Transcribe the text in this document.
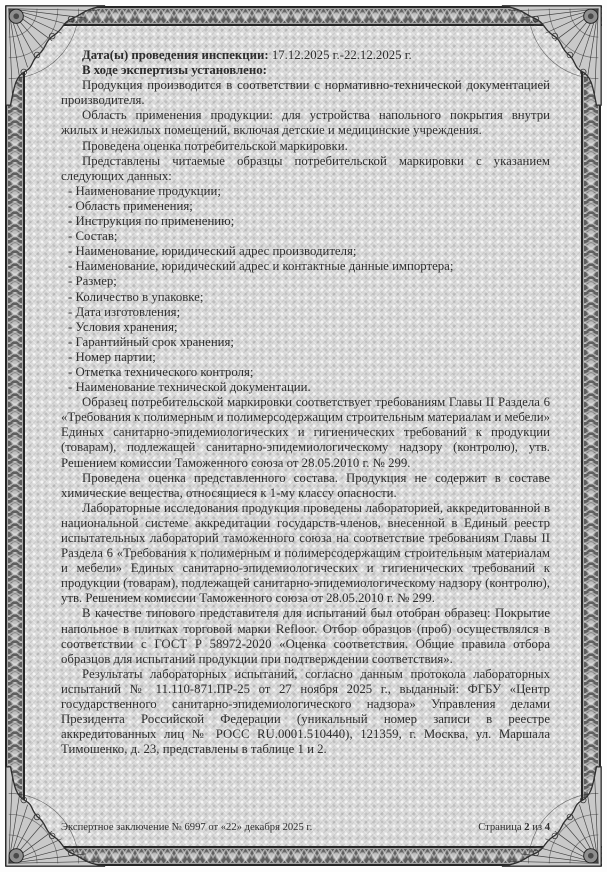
Дата(ы) проведения инспекции: 17.12.2025 г.-22.12.2025 г.

В ходе экспертизы установлено:

Продукция производится в соответствии с нормативно-технической документацией производителя.

Область применения продукции: для устройства напольного покрытия внутри жилых и нежилых помещений, включая детские и медицинские учреждения.

Проведена оценка потребительской маркировки.

Представлены читаемые образцы потребительской маркировки с указанием следующих данных:

- Наименование продукции;

- Область применения;

- Инструкция по применению;

- Состав;

- Наименование, юридический адрес производителя;

- Наименование, юридический адрес и контактные данные импортера;

- Размер;

- Количество в упаковке;

- Дата изготовления;

- Условия хранения;

- Гарантийный срок хранения;

- Номер партии;

- Отметка технического контроля;

- Наименование технической документации.

Образец потребительской маркировки соответствует требованиям Главы II Раздела 6 «Требования к полимерным и полимерсодержащим строительным материалам и мебели» Единых санитарно-эпидемиологических и гигиенических требований к продукции (товарам), подлежащей санитарно-эпидемиологическому надзору (контролю), утв. Решением комиссии Таможенного союза от 28.05.2010 г. № 299.

Проведена оценка представленного состава. Продукция не содержит в составе химические вещества, относящиеся к 1-му классу опасности.

Лабораторные исследования продукция проведены лабораторией, аккредитованной в национальной системе аккредитации государств-членов, внесенной в Единый реестр испытательных лабораторий таможенного союза на соответствие требованиям Главы II Раздела 6 «Требования к полимерным и полимерсодержащим строительным материалам и мебели» Единых санитарно-эпидемиологических и гигиенических требований к продукции (товарам), подлежащей санитарно-эпидемиологическому надзору (контролю), утв. Решением комиссии Таможенного союза от 28.05.2010 г. № 299.

В качестве типового представителя для испытаний был отобран образец: Покрытие напольное в плитках торговой марки Refloor. Отбор образцов (проб) осуществлялся в соответствии с ГОСТ Р 58972-2020 «Оценка соответствия. Общие правила отбора образцов для испытаний продукции при подтверждении соответствия».

Результаты лабораторных испытаний, согласно данным протокола лабораторных испытаний № 11.110-871.ПР-25 от 27 ноября 2025 г., выданный: ФГБУ «Центр государственного санитарно-эпидемиологического надзора» Управления делами Президента Российской Федерации (уникальный номер записи в реестре аккредитованных лиц № РОСС RU.0001.510440), 121359, г. Москва, ул. Маршала Тимошенко, д. 23, представлены в таблице 1 и 2.

Экспертное заключение № 6997 от «22» декабря 2025 г.	Страница 2 из 4
